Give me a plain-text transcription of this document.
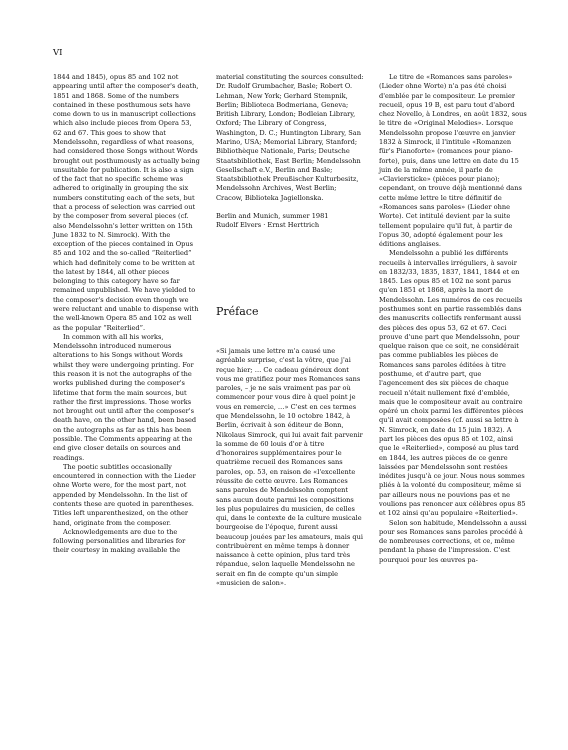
VI

1844 and 1845), opus 85 and 102 not appearing until after the composer's death, 1851 and 1868. Some of the numbers contained in these posthumous sets have come down to us in manuscript collections which also include pieces from Opera 53, 62 and 67. This goes to show that Mendelssohn, regardless of what reasons, had considered those Songs without Words brought out posthumously as actually being unsuitable for publication. It is also a sign of the fact that no specific scheme was adhered to originally in grouping the six numbers constituting each of the sets, but that a process of selection was carried out by the composer from several pieces (cf. also Mendelssohn's letter written on 15th June 1832 to N. Simrock). With the exception of the pieces contained in Opus 85 and 102 and the so-called “Reiterlied” which had definitely come to be written at the latest by 1844, all other pieces belonging to this category have so far remained unpublished. We have yielded to the composer's decision even though we were reluctant and unable to dispense with the well-known Opera 85 and 102 as well as the popular “Reiterlied”.

In common with all his works, Mendelssohn introduced numerous alterations to his Songs without Words whilst they were undergoing printing. For this reason it is not the autographs of the works published during the composer's lifetime that form the main sources, but rather the first impressions. Those works not brought out until after the composer's death have, on the other hand, been based on the autographs as far as this has been possible. The Comments appearing at the end give closer details on sources and readings.

The poetic subtitles occasionally encountered in connection with the Lieder ohne Worte were, for the most part, not appended by Mendelssohn. In the list of contents these are quoted in parentheses. Titles left unparenthesized, on the other hand, originate from the composer.

Acknowledgements are due to the following personalities and libraries for their courtesy in making available the

material constituting the sources consulted: Dr. Rudolf Grumbacher, Basle; Robert O. Lehman, New York; Gerhard Stempnik, Berlin; Biblioteca Bodmeriana, Geneva; British Library, London; Bodleian Library, Oxford; The Library of Congress, Washington, D. C.; Huntington Library, San Marino, USA; Memorial Library, Stanford; Bibliothèque Nationale, Paris; Deutsche Staatsbibliothek, East Berlin; Mendelssohn Gesellschaft e.V., Berlin and Basle; Staatsbibliothek Preußischer Kulturbesitz, Mendelssohn Archives, West Berlin; Cracow, Biblioteka Jagiellonska.

Berlin and Munich, summer 1981

Rudolf Elvers · Ernst Herttrich

Préface

«Si jamais une lettre m'a causé une agréable surprise, c'est la vôtre, que j'ai reçue hier; … Ce cadeau généreux dont vous me gratifiez pour mes Romances sans paroles, – je ne sais vraiment pas par où commencer pour vous dire à quel point je vous en remercie, …» C'est en ces termes que Mendelssohn, le 10 octobre 1842, à Berlin, écrivait à son éditeur de Bonn, Nikolaus Simrock, qui lui avait fait parvenir la somme de 60 louis d'or à titre d'honoraires supplémentaires pour le quatrième recueil des Romances sans paroles, op. 53, en raison de «l'excellente réussite de cette œuvre. Les Romances sans paroles de Mendelssohn comptent sans aucun doute parmi les compositions les plus populaires du musicien, de celles qui, dans le contexte de la culture musicale bourgeoise de l'époque, furent aussi beaucoup jouées par les amateurs, mais qui contribuèrent en même temps à donner naissance à cette opinion, plus tard très répandue, selon laquelle Mendelssohn ne serait en fin de compte qu'un simple «musicien de salon».

Le titre de «Romances sans paroles» (Lieder ohne Worte) n'a pas été choisi d'emblée par le compositeur. Le premier recueil, opus 19 B, est paru tout d'abord chez Novello, à Londres, en août 1832, sous le titre de «Original Melodies». Lorsque Mendelssohn propose l'œuvre en janvier 1832 à Simrock, il l'intitule «Romanzen für's Pianoforte» (romances pour piano-forte), puis, dans une lettre en date du 15 juin de la même année, il parle de «Claviersticke» (pièces pour piano); cependant, on trouve déjà mentionné dans cette même lettre le titre définitif de «Romances sans paroles» (Lieder ohne Worte). Cet intitulé devient par la suite tellement populaire qu'il fut, à partir de l'opus 30, adopté également pour les éditions anglaises.

Mendelssohn a publié les différents recueils à intervalles irréguliers, à savoir en 1832/33, 1835, 1837, 1841, 1844 et en 1845. Les opus 85 et 102 ne sont parus qu'en 1851 et 1868, après la mort de Mendelssohn. Les numéros de ces recueils posthumes sont en partie rassemblés dans des manuscrits collectifs renfermant aussi des pièces des opus 53, 62 et 67. Ceci prouve d'une part que Mendelssohn, pour quelque raison que ce soit, ne considérait pas comme publiables les pièces de Romances sans paroles éditées à titre posthume, et d'autre part, que l'agencement des six pièces de chaque recueil n'était nullement fixé d'emblée, mais que le compositeur avait au contraire opéré un choix parmi les différentes pièces qu'il avait composées (cf. aussi sa lettre à N. Simrock, en date du 15 juin 1832). A part les pièces des opus 85 et 102, ainsi que le «Reiterlied», composé au plus tard en 1844, les autres pièces de ce genre laissées par Mendelssohn sont restées inédites jusqu'à ce jour. Nous nous sommes pliés à la volonté du compositeur, même si par ailleurs nous ne pouvions pas et ne voulions pas renoncer aux célèbres opus 85 et 102 ainsi qu'au populaire «Reiterlied».

Selon son habitude, Mendelssohn a aussi pour ses Romances sans paroles procédé à de nombreuses corrections, et ce, même pendant la phase de l'impression. C'est pourquoi pour les œuvres pa-
